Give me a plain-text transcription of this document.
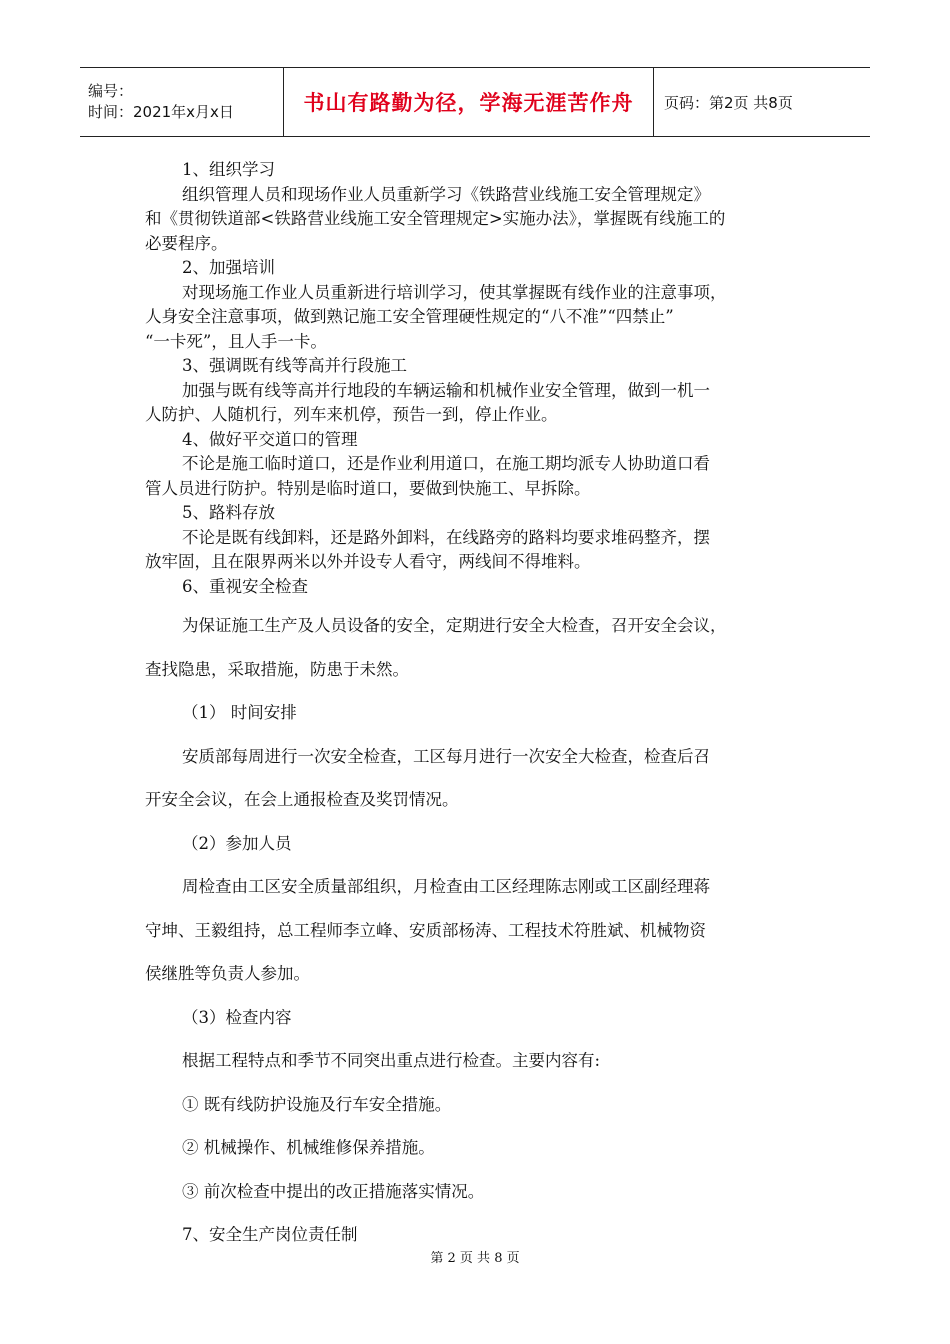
编号：
时间：2021年x月x日	书山有路勤为径，学海无涯苦作舟	页码：第2页 共8页
1、组织学习
组织管理人员和现场作业人员重新学习《铁路营业线施工安全管理规定》
和《贯彻铁道部<铁路营业线施工安全管理规定>实施办法》，掌握既有线施工的
必要程序。
2、加强培训
对现场施工作业人员重新进行培训学习，使其掌握既有线作业的注意事项，
人身安全注意事项，做到熟记施工安全管理硬性规定的“八不准”“四禁止”
“一卡死”，且人手一卡。
3、强调既有线等高并行段施工
加强与既有线等高并行地段的车辆运输和机械作业安全管理，做到一机一
人防护、人随机行，列车来机停，预告一到，停止作业。
4、做好平交道口的管理
不论是施工临时道口，还是作业利用道口，在施工期均派专人协助道口看
管人员进行防护。特别是临时道口，要做到快施工、早拆除。
5、路料存放
不论是既有线卸料，还是路外卸料，在线路旁的路料均要求堆码整齐，摆
放牢固，且在限界两米以外并设专人看守，两线间不得堆料。
6、重视安全检查
为保证施工生产及人员设备的安全，定期进行安全大检查，召开安全会议，
查找隐患，采取措施，防患于未然。
（1） 时间安排
安质部每周进行一次安全检查，工区每月进行一次安全大检查，检查后召
开安全会议，在会上通报检查及奖罚情况。
（2）参加人员
周检查由工区安全质量部组织，月检查由工区经理陈志刚或工区副经理蒋
守坤、王毅组持，总工程师李立峰、安质部杨涛、工程技术符胜斌、机械物资
侯继胜等负责人参加。
（3）检查内容
根据工程特点和季节不同突出重点进行检查。主要内容有:
① 既有线防护设施及行车安全措施。
② 机械操作、机械维修保养措施。
③ 前次检查中提出的改正措施落实情况。
7、安全生产岗位责任制
第 2 页 共 8 页
